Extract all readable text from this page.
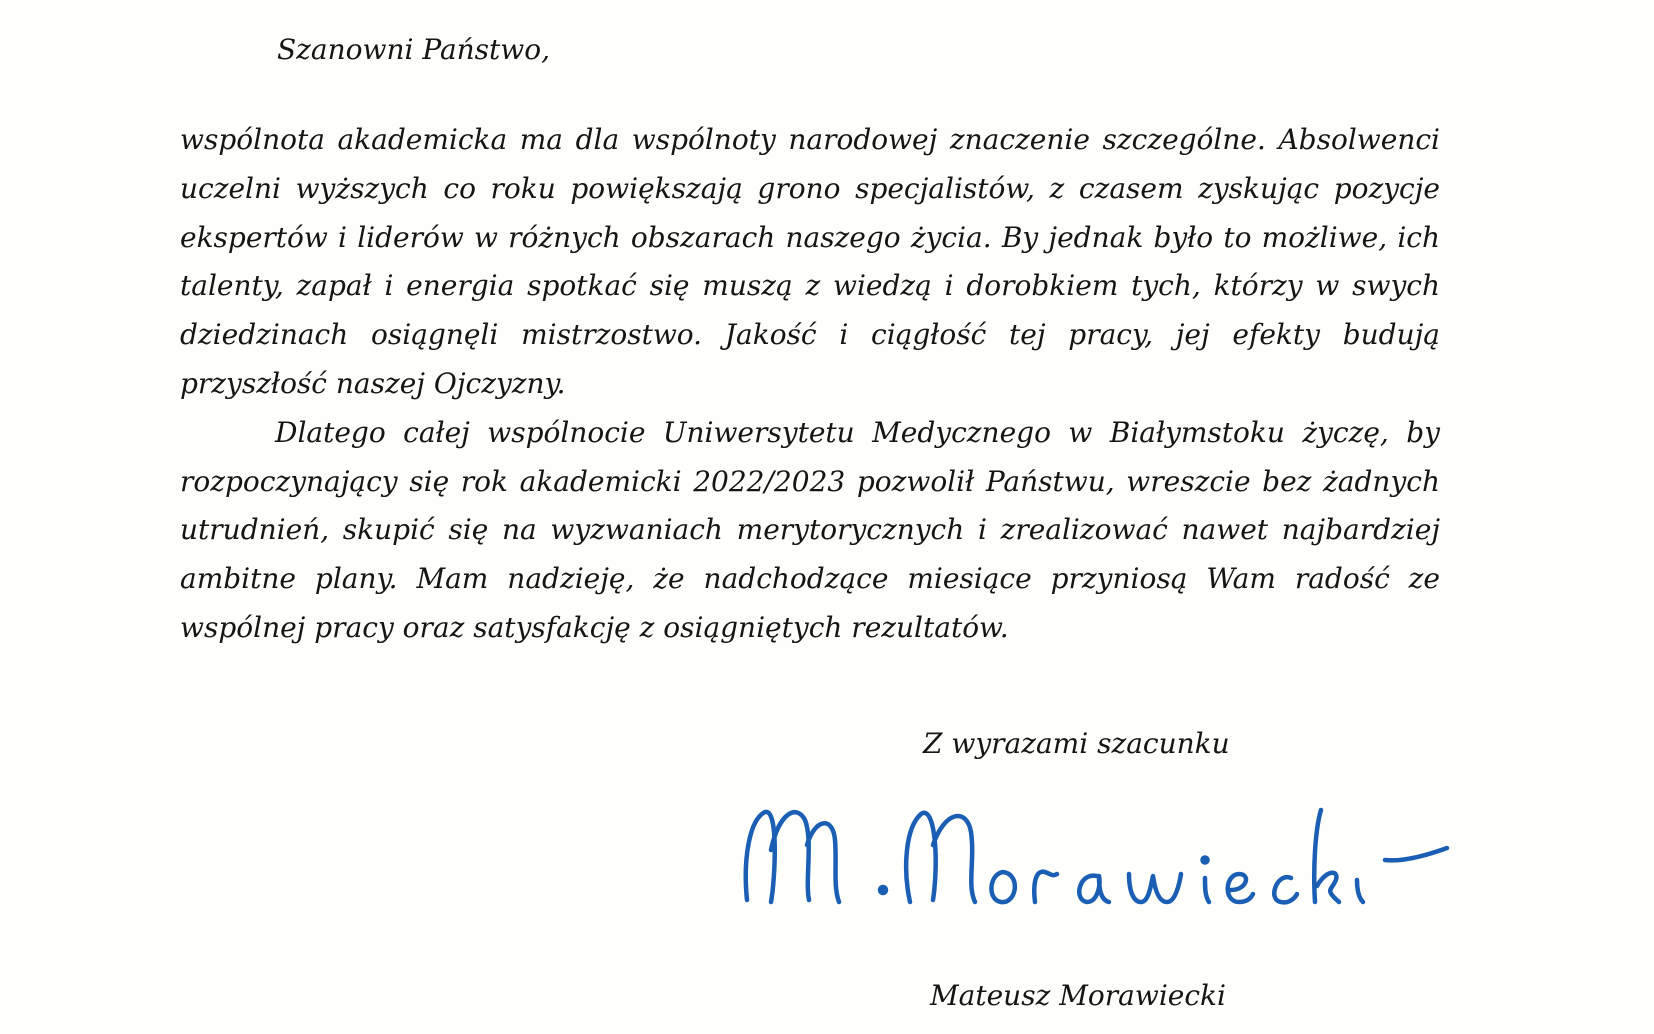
Szanowni Państwo,

wspólnota akademicka ma dla wspólnoty narodowej znaczenie szczególne. Absolwenci uczelni wyższych co roku powiększają grono specjalistów, z czasem zyskując pozycje ekspertów i liderów w różnych obszarach naszego życia. By jednak było to możliwe, ich talenty, zapał i energia spotkać się muszą z wiedzą i dorobkiem tych, którzy w swych dziedzinach osiągnęli mistrzostwo. Jakość i ciągłość tej pracy, jej efekty budują przyszłość naszej Ojczyzny.

Dlatego całej wspólnocie Uniwersytetu Medycznego w Białymstoku życzę, by rozpoczynający się rok akademicki 2022/2023 pozwolił Państwu, wreszcie bez żadnych utrudnień, skupić się na wyzwaniach merytorycznych i zrealizować nawet najbardziej ambitne plany. Mam nadzieję, że nadchodzące miesiące przyniosą Wam radość ze wspólnej pracy oraz satysfakcję z osiągniętych rezultatów.

Z wyrazami szacunku

Mateusz Morawiecki
